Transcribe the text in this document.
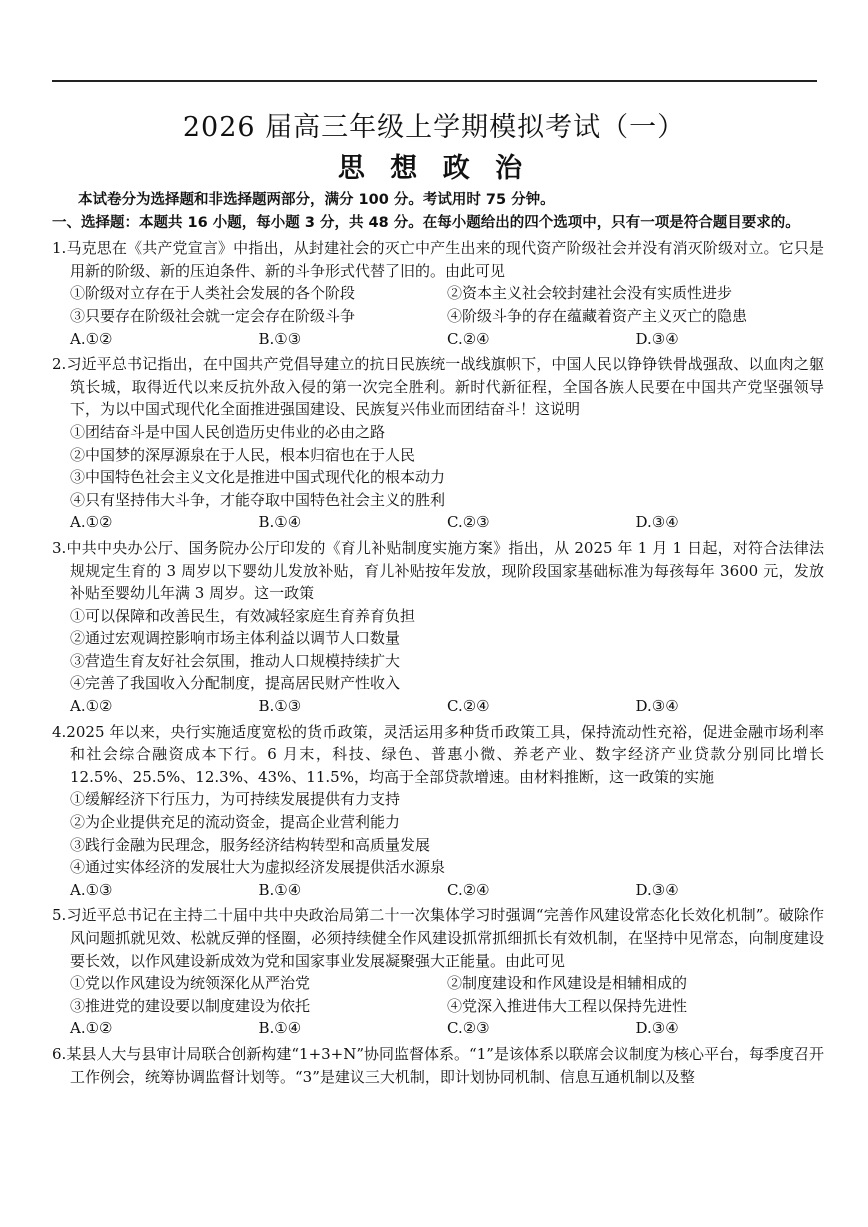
2026 届高三年级上学期模拟考试（一）
思 想 政 治
本试卷分为选择题和非选择题两部分，满分 100 分。考试用时 75 分钟。
一、选择题：本题共 16 小题，每小题 3 分，共 48 分。在每小题给出的四个选项中，只有一项是符合题目要求的。
1.马克思在《共产党宣言》中指出，从封建社会的灭亡中产生出来的现代资产阶级社会并没有消灭阶级对立。它只是用新的阶级、新的压迫条件、新的斗争形式代替了旧的。由此可见
①阶级对立存在于人类社会发展的各个阶段	②资本主义社会较封建社会没有实质性进步
③只要存在阶级社会就一定会存在阶级斗争	④阶级斗争的存在蕴藏着资产主义灭亡的隐患
A.①②	B.①③	C.②④	D.③④
2.习近平总书记指出，在中国共产党倡导建立的抗日民族统一战线旗帜下，中国人民以铮铮铁骨战强敌、以血肉之躯筑长城，取得近代以来反抗外敌入侵的第一次完全胜利。新时代新征程，全国各族人民要在中国共产党坚强领导下，为以中国式现代化全面推进强国建设、民族复兴伟业而团结奋斗！这说明
①团结奋斗是中国人民创造历史伟业的必由之路
②中国梦的深厚源泉在于人民，根本归宿也在于人民
③中国特色社会主义文化是推进中国式现代化的根本动力
④只有坚持伟大斗争，才能夺取中国特色社会主义的胜利
A.①②	B.①④	C.②③	D.③④
3.中共中央办公厅、国务院办公厅印发的《育儿补贴制度实施方案》指出，从 2025 年 1 月 1 日起，对符合法律法规规定生育的 3 周岁以下婴幼儿发放补贴，育儿补贴按年发放，现阶段国家基础标准为每孩每年 3600 元，发放补贴至婴幼儿年满 3 周岁。这一政策
①可以保障和改善民生，有效减轻家庭生育养育负担
②通过宏观调控影响市场主体利益以调节人口数量
③营造生育友好社会氛围，推动人口规模持续扩大
④完善了我国收入分配制度，提高居民财产性收入
A.①②	B.①③	C.②④	D.③④
4.2025 年以来，央行实施适度宽松的货币政策，灵活运用多种货币政策工具，保持流动性充裕，促进金融市场利率和社会综合融资成本下行。6 月末，科技、绿色、普惠小微、养老产业、数字经济产业贷款分别同比增长 12.5%、25.5%、12.3%、43%、11.5%，均高于全部贷款增速。由材料推断，这一政策的实施
①缓解经济下行压力，为可持续发展提供有力支持
②为企业提供充足的流动资金，提高企业营利能力
③践行金融为民理念，服务经济结构转型和高质量发展
④通过实体经济的发展壮大为虚拟经济发展提供活水源泉
A.①③	B.①④	C.②④	D.③④
5.习近平总书记在主持二十届中共中央政治局第二十一次集体学习时强调“完善作风建设常态化长效化机制”。破除作风问题抓就见效、松就反弹的怪圈，必须持续健全作风建设抓常抓细抓长有效机制，在坚持中见常态，向制度建设要长效，以作风建设新成效为党和国家事业发展凝聚强大正能量。由此可见
①党以作风建设为统领深化从严治党	②制度建设和作风建设是相辅相成的
③推进党的建设要以制度建设为依托	④党深入推进伟大工程以保持先进性
A.①②	B.①④	C.②③	D.③④
6.某县人大与县审计局联合创新构建“1+3+N”协同监督体系。“1”是该体系以联席会议制度为核心平台，每季度召开工作例会，统筹协调监督计划等。“3”是建议三大机制，即计划协同机制、信息互通机制以及整
